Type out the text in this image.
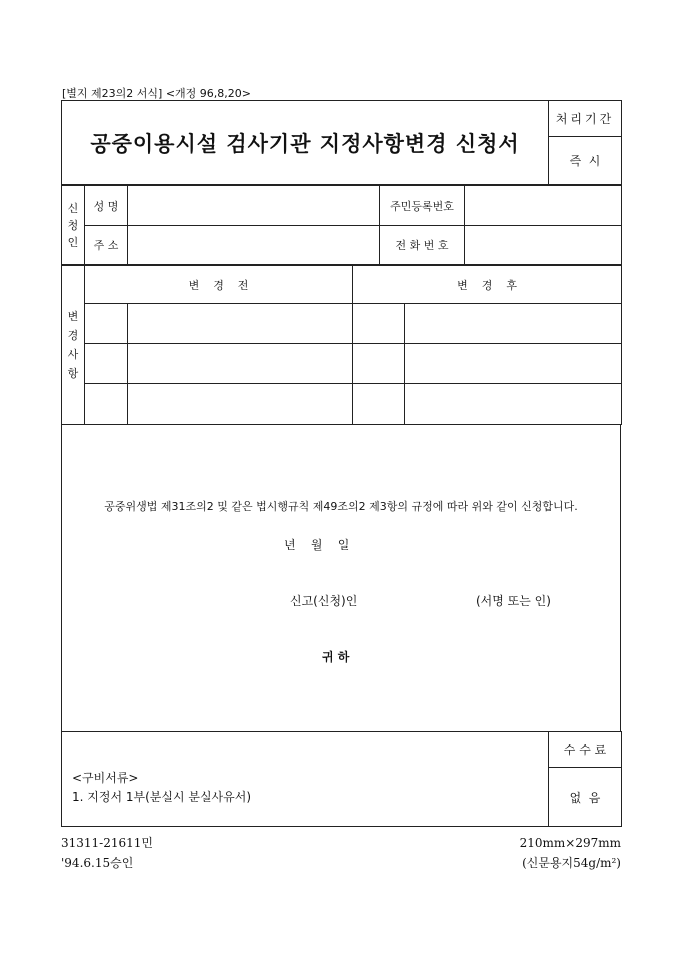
[별지 제23의2 서식] <개정 96,8,20>
공중이용시설 검사기관 지정사항변경 신청서	처리기간
즉  시
신
청
인	성 명		주민등록번호	
	주 소		전 화 번 호	
변
경
사
항	변    경    전		변    경    후	

공중위생법 제31조의2 및 같은 법시행규칙 제49조의2 제3항의 규정에 따라 위와 같이 신청합니다.
년    월    일
신고(신청)인	(서명 또는 인)
귀 하
<구비서류>
1. 지정서 1부(분실시 분실사유서)
	수 수 료
없  음
31311-21611민
'94.6.15승인
210mm×297mm
(신문용지54g/m²)
